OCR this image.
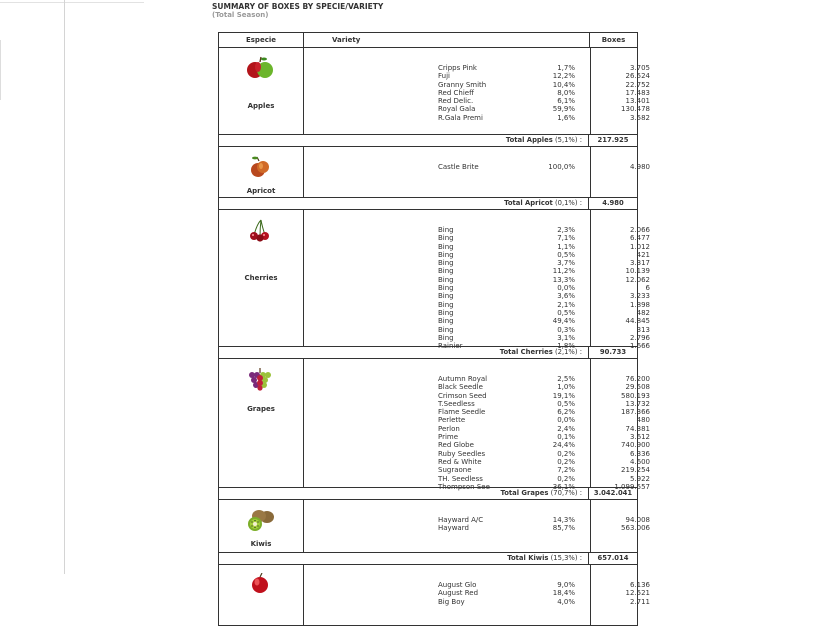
SUMMARY OF BOXES BY SPECIE/VARIETY
(Total Season)
Especie	Variety	Boxes
Apples
Cripps Pink	1,7%	3.705
Fuji	12,2%	26.524
Granny Smith	10,4%	22.752
Red Chieff	8,0%	17.483
Red Delic.	6,1%	13.401
Royal Gala	59,9%	130.478
R.Gala Premi	1,6%	3.582
Total Apples (5,1%) :	217.925
Apricot
Castle Brite	100,0%	4.980
Total Apricot (0,1%) :	4.980
Cherries
Bing	2,3%	2.066
Bing	7,1%	6.477
Bing	1,1%	1.012
Bing	0,5%	421
Bing	3,7%	3.317
Bing	11,2%	10.139
Bing	13,3%	12.062
Bing	0,0%	6
Bing	3,6%	3.233
Bing	2,1%	1.898
Bing	0,5%	482
Bing	49,4%	44.845
Bing	0,3%	313
Bing	3,1%	2.796
Rainier	1,8%	1.666
Total Cherries (2,1%) :	90.733
Grapes
Autumn Royal	2,5%	76.200
Black Seedle	1,0%	29.508
Crimson Seed	19,1%	580.193
T.Seedless	0,5%	13.732
Flame Seedle	6,2%	187.366
Perlette	0,0%	480
Perlon	2,4%	74.381
Prime	0,1%	3.612
Red Globe	24,4%	740.900
Ruby Seedles	0,2%	6.336
Red & White	0,2%	4.600
Sugraone	7,2%	219.254
TH. Seedless	0,2%	5.922
Thompson See	36,1%	1.099.557
Total Grapes (70,7%) :	3.042.041
Kiwis
Hayward A/C	14,3%	94.008
Hayward	85,7%	563.006
Total Kiwis (15,3%) :	657.014
August Glo	9,0%	6.136
August Red	18,4%	12.521
Big Boy	4,0%	2.711
